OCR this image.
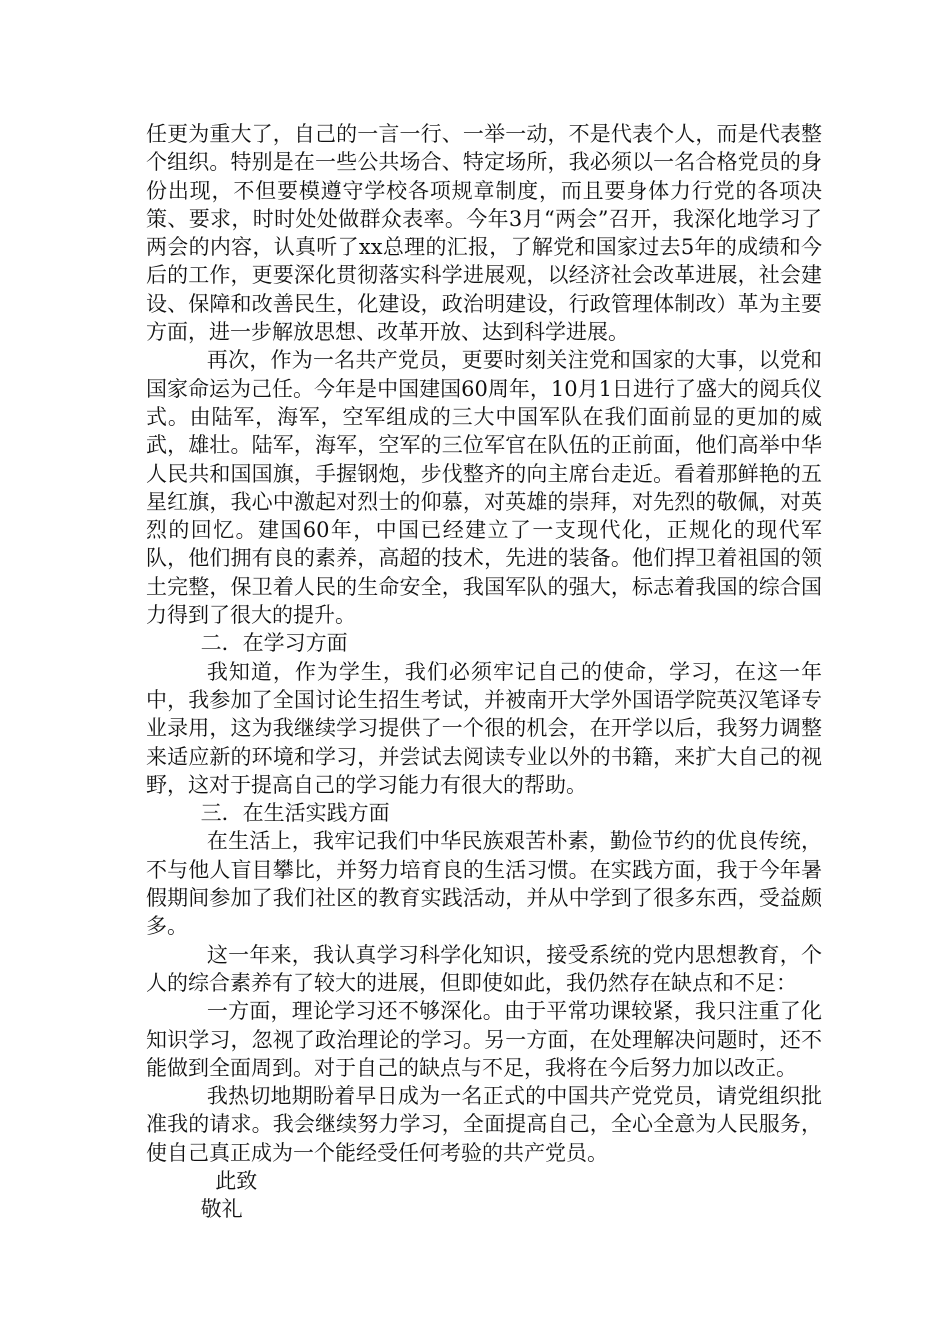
任更为重大了，自己的一言一行、一举一动，不是代表个人，而是代表整个组织。特别是在一些公共场合、特定场所，我必须以一名合格党员的身份出现，不但要模遵守学校各项规章制度，而且要身体力行党的各项决策、要求，时时处处做群众表率。今年3月“两会”召开，我深化地学习了两会的内容，认真听了xx总理的汇报，了解党和国家过去5年的成绩和今后的工作，更要深化贯彻落实科学进展观，以经济社会改革进展，社会建设、保障和改善民生，化建设，政治明建设，行政管理体制改）革为主要方面，进一步解放思想、改革开放、达到科学进展。

再次，作为一名共产党员，更要时刻关注党和国家的大事，以党和国家命运为己任。今年是中国建国60周年，10月1日进行了盛大的阅兵仪式。由陆军，海军，空军组成的三大中国军队在我们面前显的更加的威武，雄壮。陆军，海军，空军的三位军官在队伍的正前面，他们高举中华人民共和国国旗，手握钢炮，步伐整齐的向主席台走近。看着那鲜艳的五星红旗，我心中激起对烈士的仰慕，对英雄的崇拜，对先烈的敬佩，对英烈的回忆。建国60年，中国已经建立了一支现代化，正规化的现代军队，他们拥有良的素养，高超的技术，先进的装备。他们捍卫着祖国的领土完整，保卫着人民的生命安全，我国军队的强大，标志着我国的综合国力得到了很大的提升。

二．在学习方面

我知道，作为学生，我们必须牢记自己的使命，学习，在这一年中，我参加了全国讨论生招生考试，并被南开大学外国语学院英汉笔译专业录用，这为我继续学习提供了一个很的机会，在开学以后，我努力调整来适应新的环境和学习，并尝试去阅读专业以外的书籍，来扩大自己的视野，这对于提高自己的学习能力有很大的帮助。

三．在生活实践方面

在生活上，我牢记我们中华民族艰苦朴素，勤俭节约的优良传统，不与他人盲目攀比，并努力培育良的生活习惯。在实践方面，我于今年暑假期间参加了我们社区的教育实践活动，并从中学到了很多东西，受益颇多。

这一年来，我认真学习科学化知识，接受系统的党内思想教育，个人的综合素养有了较大的进展，但即使如此，我仍然存在缺点和不足：

一方面，理论学习还不够深化。由于平常功课较紧，我只注重了化知识学习，忽视了政治理论的学习。另一方面，在处理解决问题时，还不能做到全面周到。对于自己的缺点与不足，我将在今后努力加以改正。

我热切地期盼着早日成为一名正式的中国共产党党员，请党组织批准我的请求。我会继续努力学习，全面提高自己，全心全意为人民服务，使自己真正成为一个能经受任何考验的共产党员。

此致

敬礼
